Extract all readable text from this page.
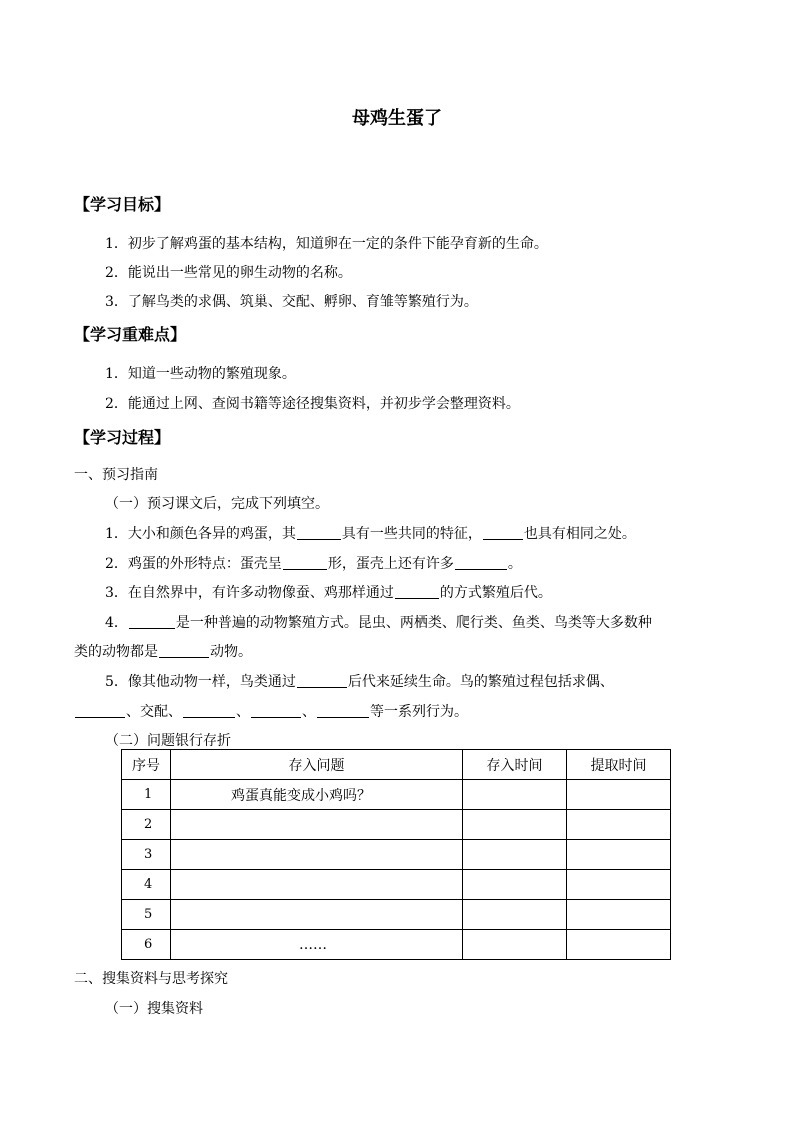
母鸡生蛋了
【学习目标】
1．初步了解鸡蛋的基本结构，知道卵在一定的条件下能孕育新的生命。
2．能说出一些常见的卵生动物的名称。
3．了解鸟类的求偶、筑巢、交配、孵卵、育雏等繁殖行为。
【学习重难点】
1．知道一些动物的繁殖现象。
2．能通过上网、查阅书籍等途径搜集资料，并初步学会整理资料。
【学习过程】
一、预习指南
（一）预习课文后，完成下列填空。
1．大小和颜色各异的鸡蛋，其	具有一些共同的特征，	也具有相同之处。
2．鸡蛋的外形特点：蛋壳呈	形，蛋壳上还有许多	。
3．在自然界中，有许多动物像蚕、鸡那样通过	的方式繁殖后代。
4．	是一种普遍的动物繁殖方式。昆虫、两栖类、爬行类、鱼类、鸟类等大多数种
类的动物都是	动物。
5．像其他动物一样，鸟类通过	后代来延续生命。鸟的繁殖过程包括求偶、
、交配、	、	、	等一系列行为。
（二）问题银行存折
序号	存入问题	存入时间	提取时间
1	鸡蛋真能变成小鸡吗？		
2			
3			
4			
5			
6	……		
二、搜集资料与思考探究
（一）搜集资料
